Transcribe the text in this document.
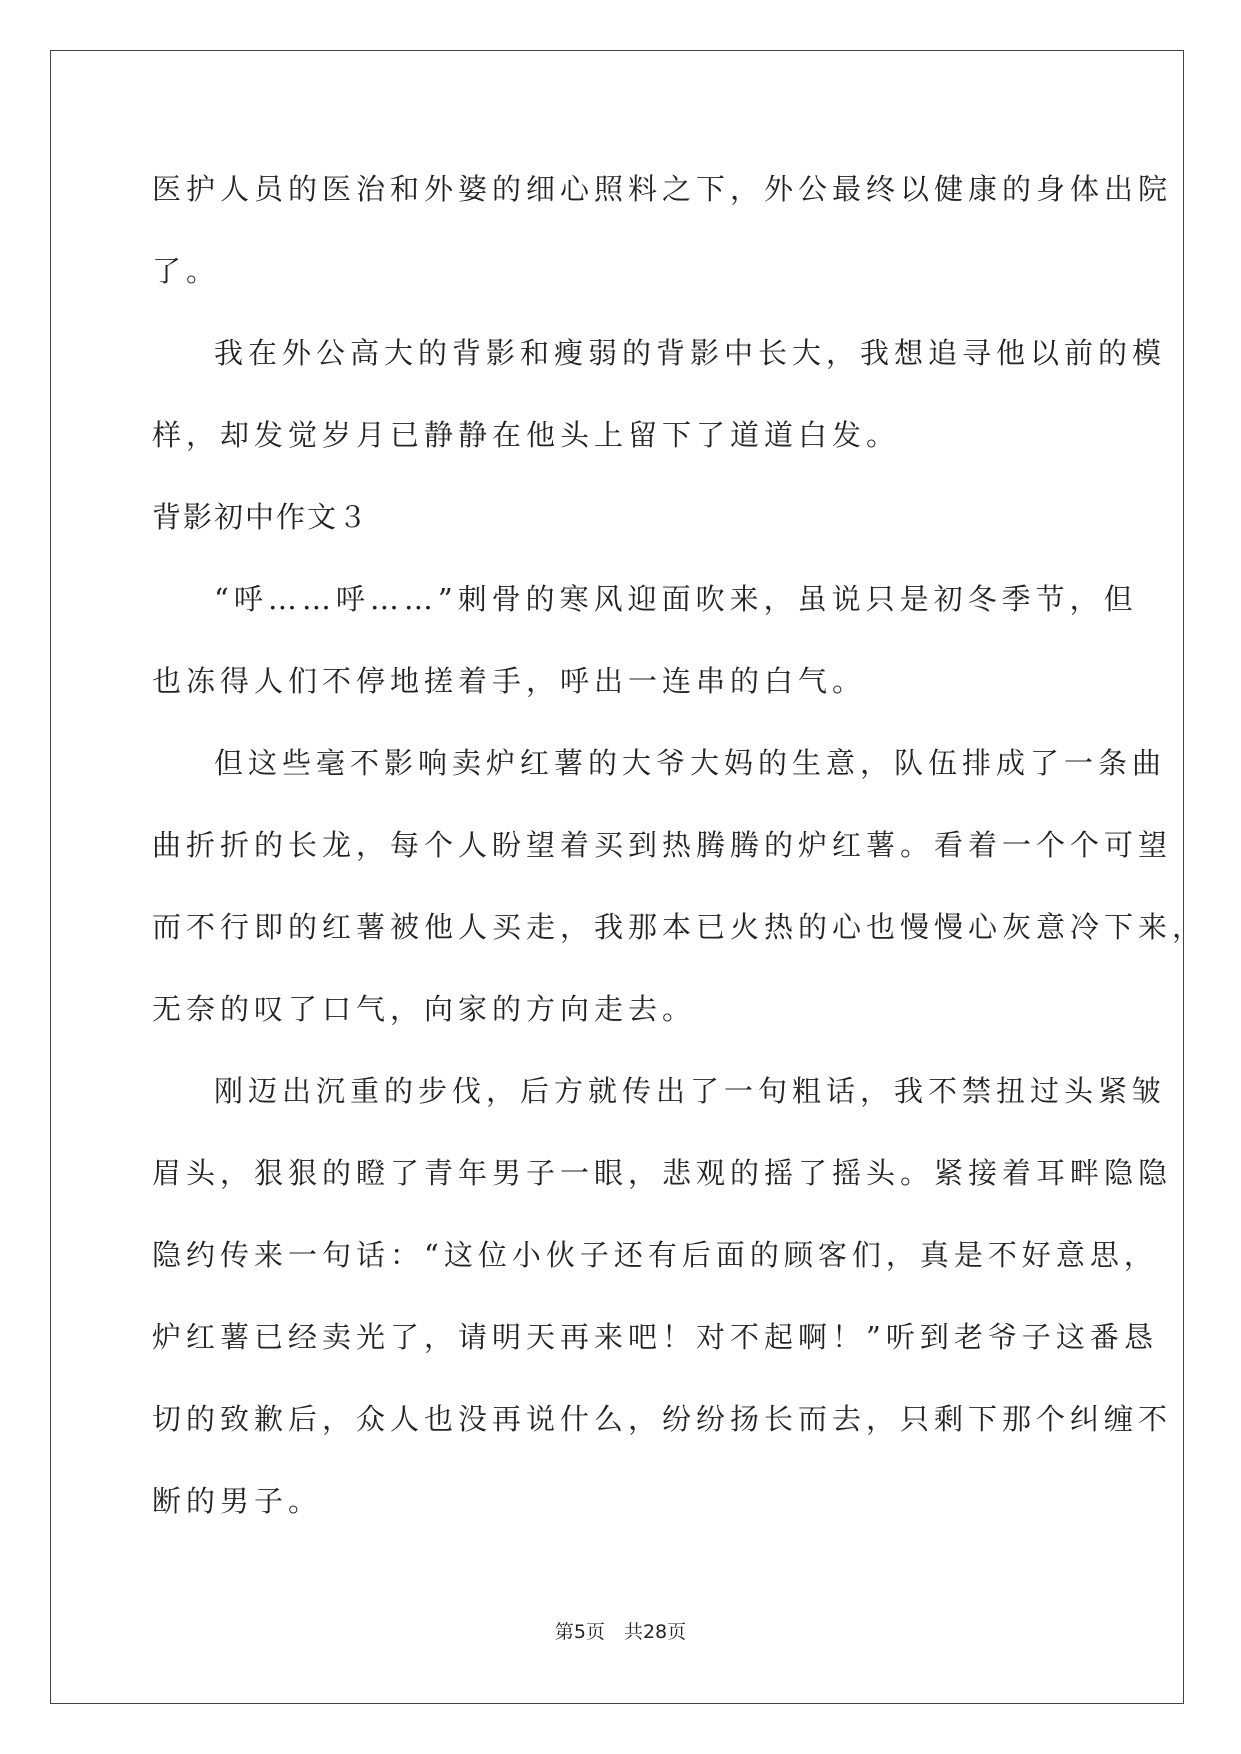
医护人员的医治和外婆的细心照料之下，外公最终以健康的身体出院
了。
我在外公高大的背影和瘦弱的背影中长大，我想追寻他以前的模
样，却发觉岁月已静静在他头上留下了道道白发。
背影初中作文３
“呼……呼……”刺骨的寒风迎面吹来，虽说只是初冬季节，但
也冻得人们不停地搓着手，呼出一连串的白气。
但这些毫不影响卖炉红薯的大爷大妈的生意，队伍排成了一条曲
曲折折的长龙，每个人盼望着买到热腾腾的炉红薯。看着一个个可望
而不行即的红薯被他人买走，我那本已火热的心也慢慢心灰意冷下来，
无奈的叹了口气，向家的方向走去。
刚迈出沉重的步伐，后方就传出了一句粗话，我不禁扭过头紧皱
眉头，狠狠的瞪了青年男子一眼，悲观的摇了摇头。紧接着耳畔隐隐
隐约传来一句话：“这位小伙子还有后面的顾客们，真是不好意思，
炉红薯已经卖光了，请明天再来吧！对不起啊！”听到老爷子这番恳
切的致歉后，众人也没再说什么，纷纷扬长而去，只剩下那个纠缠不
断的男子。
第5页　共28页
